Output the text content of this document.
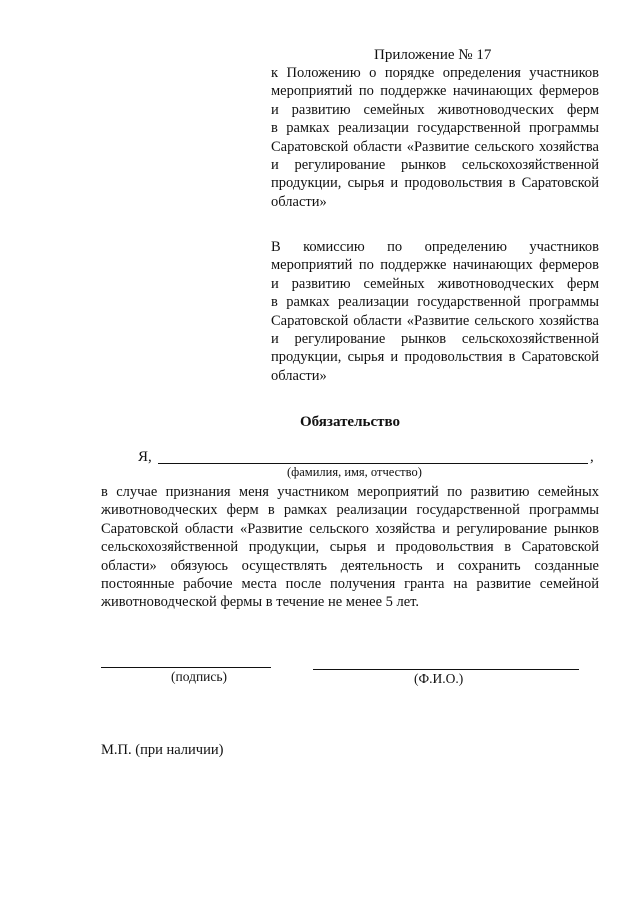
Приложение № 17
к Положению о порядке определения участников
мероприятий по поддержке начинающих фермеров
и развитию семейных животноводческих ферм
в рамках реализации государственной программы
Саратовской области «Развитие сельского хозяйства
и регулирование рынков сельскохозяйственной
продукции, сырья и продовольствия в Саратовской
области»
В комиссию по определению участников
мероприятий по поддержке начинающих фермеров
и развитию семейных животноводческих ферм
в рамках реализации государственной программы
Саратовской области «Развитие сельского хозяйства
и регулирование рынков сельскохозяйственной
продукции, сырья и продовольствия в Саратовской
области»
Обязательство
Я,	,
(фамилия, имя, отчество)
в случае признания меня участником мероприятий по развитию семейных
животноводческих ферм в рамках реализации государственной программы
Саратовской области «Развитие сельского хозяйства и регулирование рынков
сельскохозяйственной продукции, сырья и продовольствия в Саратовской
области» обязуюсь осуществлять деятельность и сохранить созданные
постоянные рабочие места после получения гранта на развитие семейной
животноводческой фермы в течение не менее 5 лет.
(подпись)	(Ф.И.О.)
М.П. (при наличии)
